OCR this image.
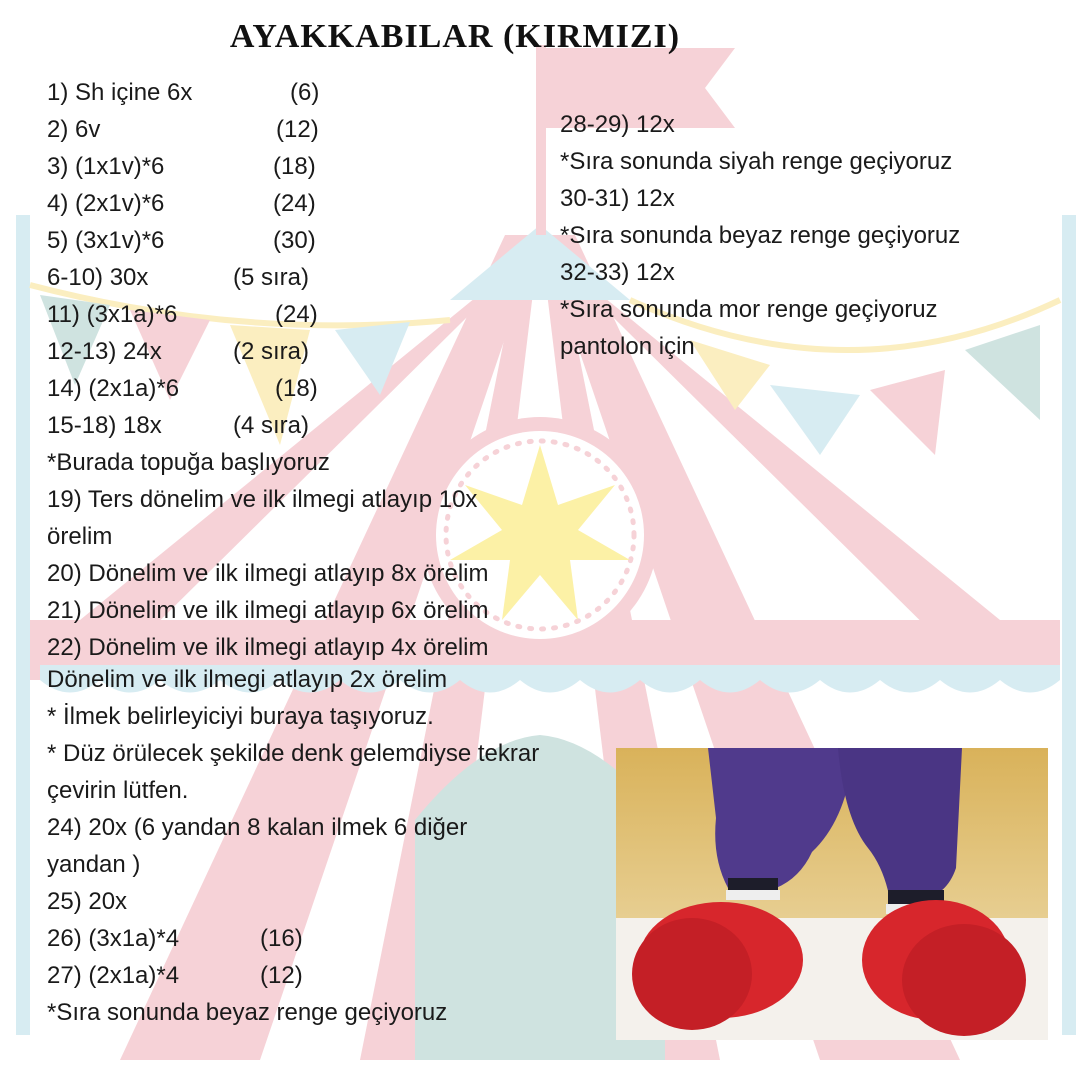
AYAKKABILAR (KIRMIZI)
1) Sh içine 6x	(6)
2) 6v	(12)
3) (1x1v)*6	(18)
4) (2x1v)*6	(24)
5) (3x1v)*6	(30)
6-10) 30x	(5 sıra)
11) (3x1a)*6	(24)
12-13) 24x	(2 sıra)
14) (2x1a)*6	(18)
15-18) 18x	(4 sıra)
*Burada topuğa başlıyoruz
19) Ters dönelim ve ilk ilmegi atlayıp 10x örelim
20) Dönelim ve ilk ilmegi atlayıp 8x örelim
21) Dönelim ve ilk ilmegi atlayıp 6x örelim
22) Dönelim ve ilk ilmegi atlayıp 4x örelim
Dönelim ve ilk ilmegi atlayıp 2x örelim
* İlmek belirleyiciyi buraya taşıyoruz.
* Düz örülecek şekilde denk gelemdiyse tekrar çevirin lütfen.
24) 20x (6 yandan 8 kalan ilmek 6 diğer yandan )
25) 20x
26) (3x1a)*4	(16)
27) (2x1a)*4	(12)
*Sıra sonunda beyaz renge geçiyoruz
28-29) 12x
*Sıra sonunda siyah renge geçiyoruz
30-31) 12x
*Sıra sonunda beyaz renge geçiyoruz
32-33) 12x
*Sıra sonunda mor renge geçiyoruz pantolon için
